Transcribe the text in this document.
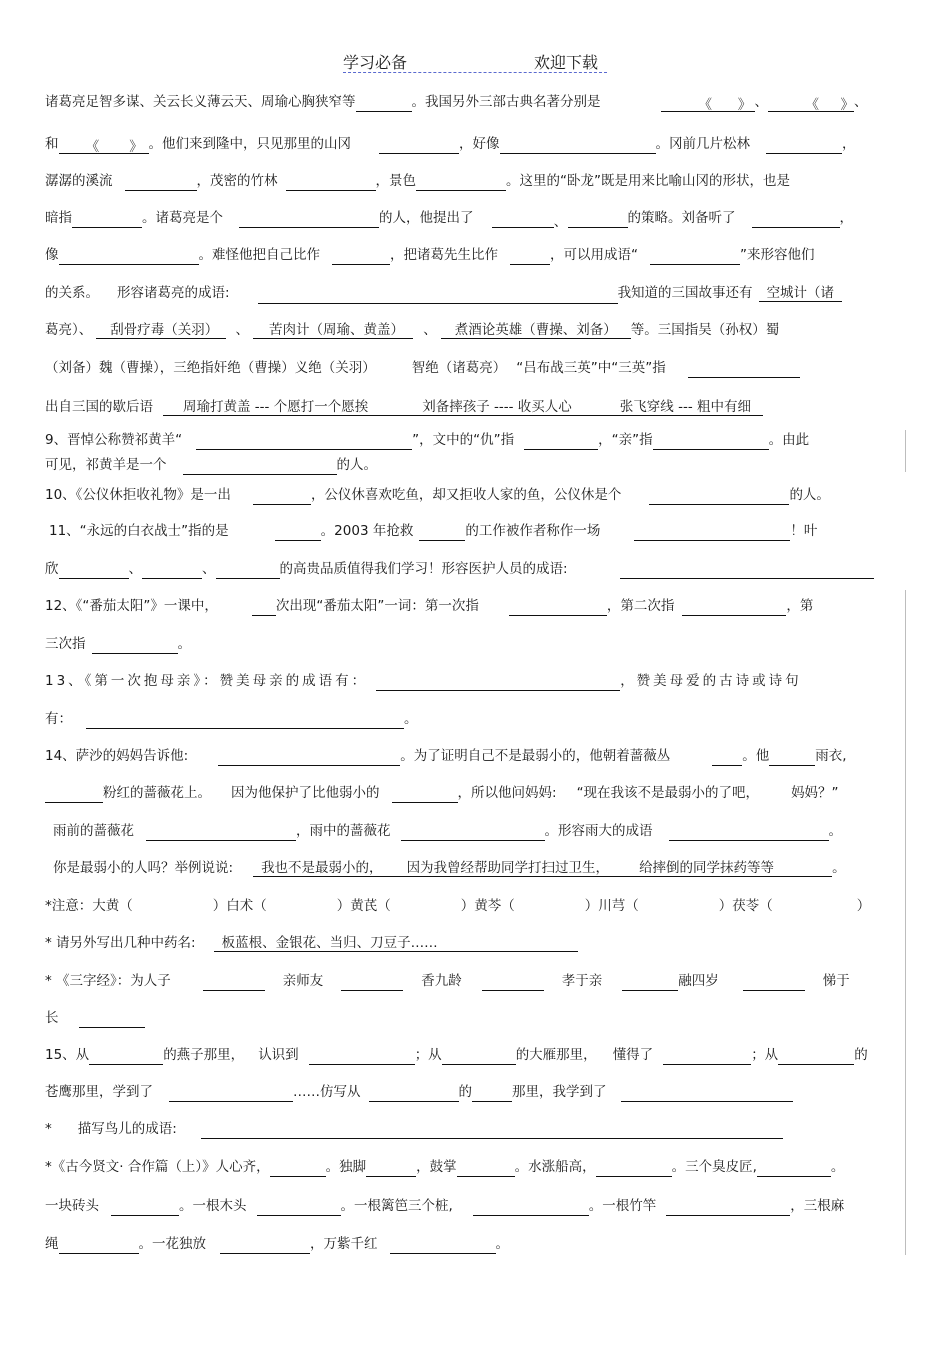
学习必备	欢迎下载
诸葛亮足智多谋、关云长义薄云天、周瑜心胸狭窄等	。我国另外三部古典名著分别是	《 》 、	《 》、
和     《       》 。他们来到隆中，只见那里的山冈	，好像	。冈前几片松林	，
潺潺的溪流	，茂密的竹林	，景色	。这里的“卧龙”既是用来比喻山冈的形状，也是
暗指	。诸葛亮是个	的人，他提出了	、	的策略。刘备听了	，
像	。难怪他把自己比作	，把诸葛先生比作	，可以用成语“	”来形容他们
的关系。 形容诸葛亮的成语:	我知道的三国故事还有 空城计（诸
葛亮）、 刮骨疗毒（关羽） 、 苦肉计（周瑜、黄盖） 、 煮酒论英雄（曹操、刘备） 等。三国指吴（孙权）蜀
（刘备）魏（曹操），三绝指奸绝（曹操）义绝（关羽）	智绝（诸葛亮） “吕布战三英”中“三英”指
出自三国的歇后语 周瑜打黄盖 --- 个愿打一个愿挨	刘备摔孩子 ---- 收买人心	张飞穿线 --- 粗中有细
9、晋悼公称赞祁黄羊“	”，文中的“仇”指	，“亲”指	。由此
可见，祁黄羊是一个	的人。
10、《公仪休拒收礼物》是一出	，公仪休喜欢吃鱼，却又拒收人家的鱼，公仪休是个	的人。
11、“永远的白衣战士”指的是	。2003 年抢救	的工作被作者称作一场	！叶
欣	、	、	的高贵品质值得我们学习！形容医护人员的成语:
12、《“番茄太阳”》一课中，	次出现“番茄太阳”一词：第一次指	，第二次指	，第
三次指	。
13、《第一次抱母亲》：赞美母亲的成语有：	，赞美母爱的古诗或诗句
有：	。
14、萨沙的妈妈告诉他:	。为了证明自己不是最弱小的，他朝着蔷薇丛	。他	雨衣,
粉红的蔷薇花上。 因为他保护了比他弱小的	，所以他问妈妈: “现在我该不是最弱小的了吧， 妈妈？”
雨前的蔷薇花	，雨中的蔷薇花	。形容雨大的成语	。
你是最弱小的人吗？举例说说: 我也不是最弱小的， 因为我曾经帮助同学打扫过卫生， 给摔倒的同学抹药等等	。
*注意：大黄（	）白术（	）黄芪（	）黄芩（	）川芎（	）茯苓（	）
* 请另外写出几种中药名: 板蓝根、金银花、当归、刀豆子……
* 《三字经》：为人子	亲师友	香九龄	孝于亲	融四岁	悌于
长
15、从	的燕子那里， 认识到	；从	的大雁那里， 懂得了	；从	的
苍鹰那里，学到了	……仿写从	的	那里，我学到了
* 描写鸟儿的成语:
*《古今贤文· 合作篇（上）》人心齐，	。独脚	，鼓掌	。水涨船高，	。三个臭皮匠,	。
一块砖头	。一根木头	。一根篱笆三个桩,	。一根竹竿	，三根麻
绳	。一花独放	，万紫千红	。
